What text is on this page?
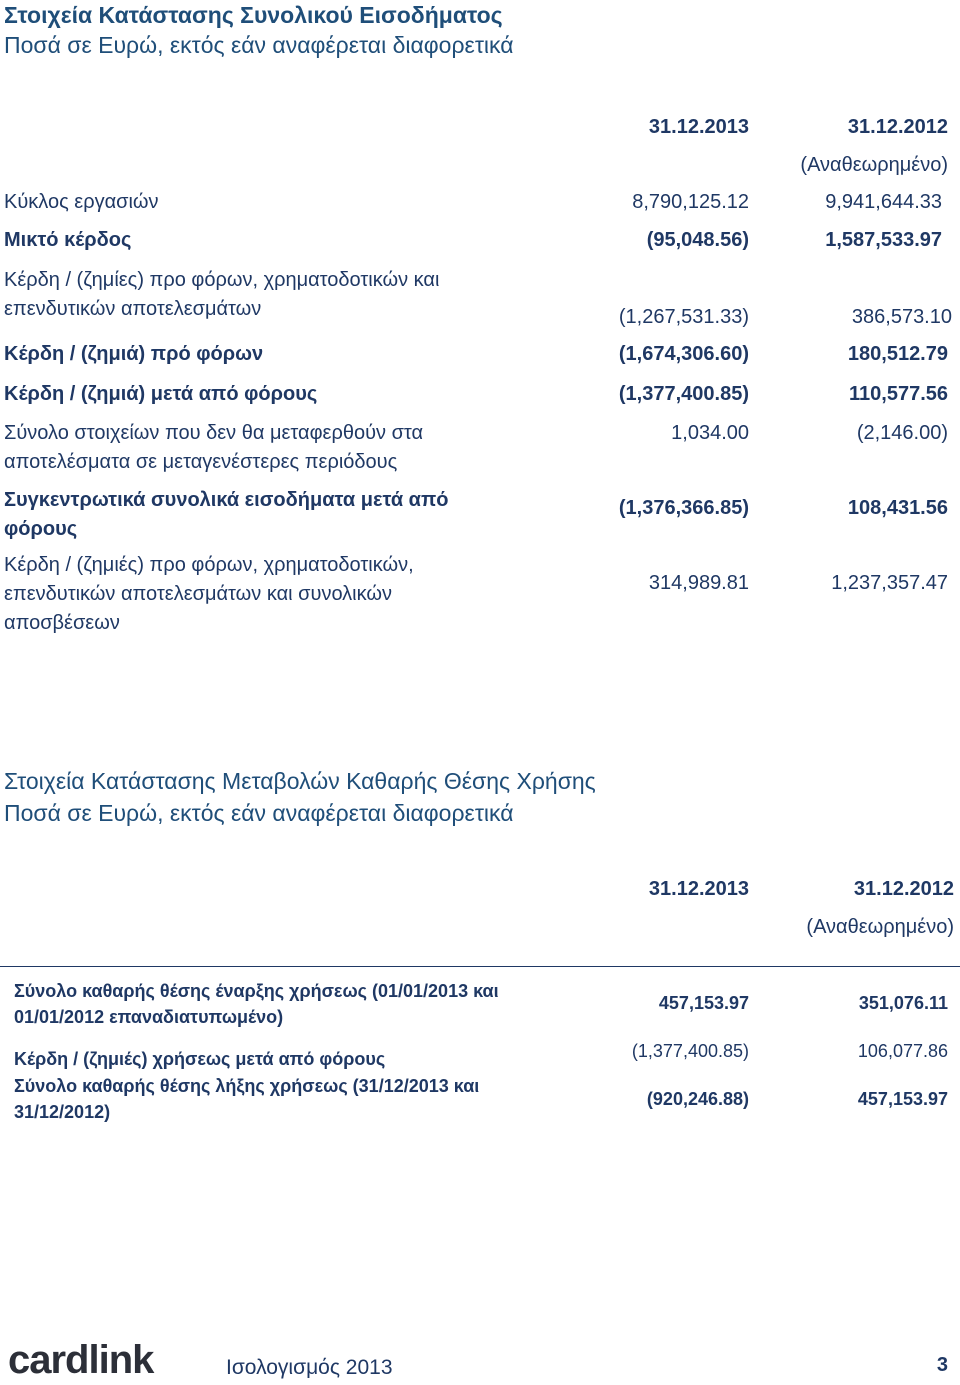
Στοιχεία Κατάστασης Συνολικού Εισοδήματος
Ποσά σε Ευρώ, εκτός εάν αναφέρεται διαφορετικά
31.12.2013	31.12.2012
(Αναθεωρημένο)
Κύκλος εργασιών	8,790,125.12	9,941,644.33
Μικτό κέρδος	(95,048.56)	1,587,533.97
Κέρδη / (ζημίες) προ φόρων, χρηματοδοτικών και επενδυτικών αποτελεσμάτων	(1,267,531.33)	386,573.10
Κέρδη / (ζημιά) πρό φόρων	(1,674,306.60)	180,512.79
Κέρδη / (ζημιά) μετά από φόρους	(1,377,400.85)	110,577.56
Σύνολο στοιχείων που δεν θα μεταφερθούν στα αποτελέσματα σε μεταγενέστερες περιόδους
1,034.00	(2,146.00)
Συγκεντρωτικά συνολικά εισοδήματα μετά από φόρους
(1,376,366.85)	108,431.56
Κέρδη / (ζημιές) προ φόρων, χρηματοδοτικών, επενδυτικών αποτελεσμάτων και συνολικών αποσβέσεων
314,989.81	1,237,357.47
Στοιχεία Κατάστασης Μεταβολών Καθαρής Θέσης Χρήσης
Ποσά σε Ευρώ, εκτός εάν αναφέρεται διαφορετικά
31.12.2013	31.12.2012
(Αναθεωρημένο)
Σύνολο καθαρής θέσης έναρξης χρήσεως (01/01/2013 και 01/01/2012 επαναδιατυπωμένο)
457,153.97	351,076.11
Κέρδη / (ζημιές) χρήσεως μετά από φόρους	(1,377,400.85)	106,077.86
Σύνολο καθαρής θέσης λήξης χρήσεως (31/12/2013 και 31/12/2012)
(920,246.88)	457,153.97
cardlink	Ισολογισμός 2013	3
